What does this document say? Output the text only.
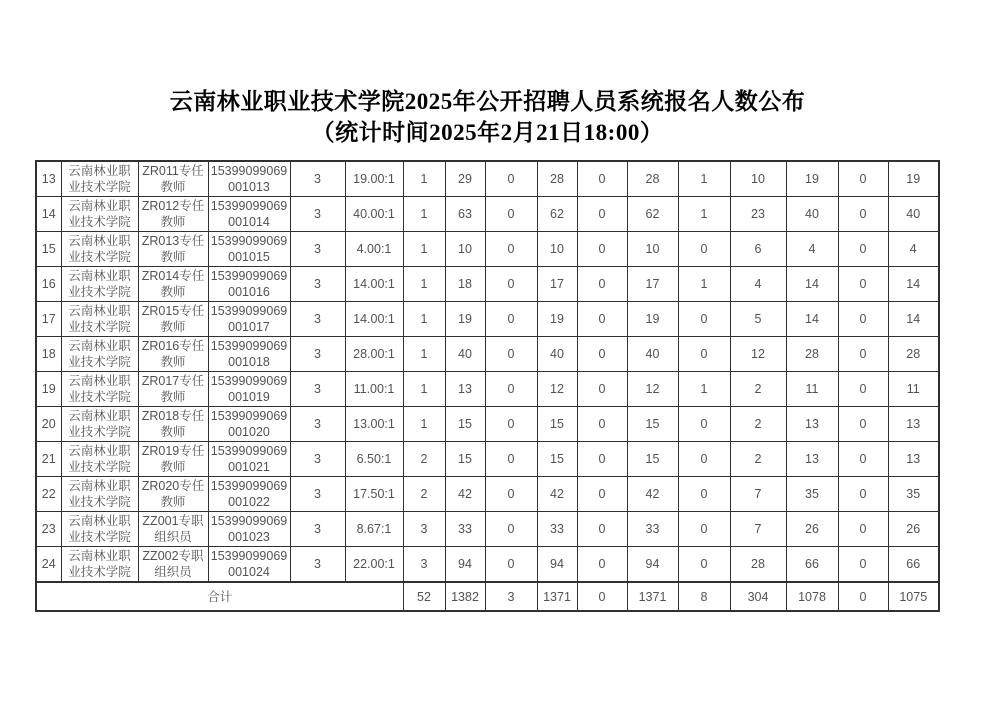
云南林业职业技术学院2025年公开招聘人员系统报名人数公布
（统计时间2025年2月21日18:00）
13	云南林业职业技术学院	ZR011专任教师	15399099069001013	3	19.00:1	1	29	0	28	0	28	1	10	19	0	19
14	云南林业职业技术学院	ZR012专任教师	15399099069001014	3	40.00:1	1	63	0	62	0	62	1	23	40	0	40
15	云南林业职业技术学院	ZR013专任教师	15399099069001015	3	4.00:1	1	10	0	10	0	10	0	6	4	0	4
16	云南林业职业技术学院	ZR014专任教师	15399099069001016	3	14.00:1	1	18	0	17	0	17	1	4	14	0	14
17	云南林业职业技术学院	ZR015专任教师	15399099069001017	3	14.00:1	1	19	0	19	0	19	0	5	14	0	14
18	云南林业职业技术学院	ZR016专任教师	15399099069001018	3	28.00:1	1	40	0	40	0	40	0	12	28	0	28
19	云南林业职业技术学院	ZR017专任教师	15399099069001019	3	11.00:1	1	13	0	12	0	12	1	2	11	0	11
20	云南林业职业技术学院	ZR018专任教师	15399099069001020	3	13.00:1	1	15	0	15	0	15	0	2	13	0	13
21	云南林业职业技术学院	ZR019专任教师	15399099069001021	3	6.50:1	2	15	0	15	0	15	0	2	13	0	13
22	云南林业职业技术学院	ZR020专任教师	15399099069001022	3	17.50:1	2	42	0	42	0	42	0	7	35	0	35
23	云南林业职业技术学院	ZZ001专职组织员	15399099069001023	3	8.67:1	3	33	0	33	0	33	0	7	26	0	26
24	云南林业职业技术学院	ZZ002专职组织员	15399099069001024	3	22.00:1	3	94	0	94	0	94	0	28	66	0	66
合计						52	1382	3	1371	0	1371	8	304	1078	0	1075
